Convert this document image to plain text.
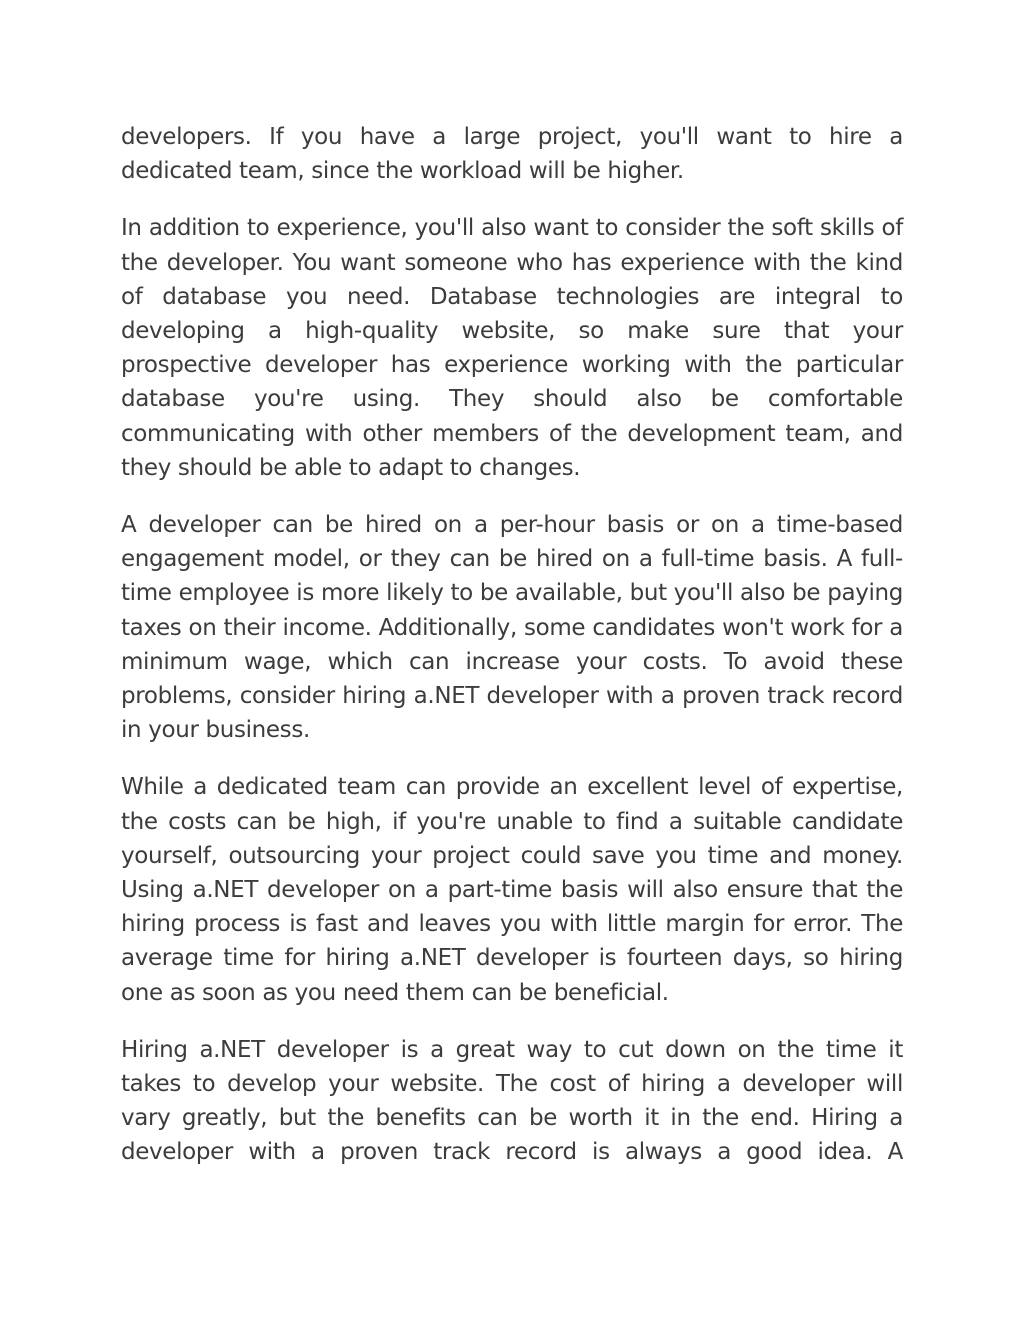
developers. If you have a large project, you'll want to hire a dedicated team, since the workload will be higher.

In addition to experience, you'll also want to consider the soft skills of the developer. You want someone who has experience with the kind of database you need. Database technologies are integral to developing a high-quality website, so make sure that your prospective developer has experience working with the particular database you're using. They should also be comfortable communicating with other members of the development team, and they should be able to adapt to changes.

A developer can be hired on a per-hour basis or on a time-based engagement model, or they can be hired on a full-time basis. A full-time employee is more likely to be available, but you'll also be paying taxes on their income. Additionally, some candidates won't work for a minimum wage, which can increase your costs. To avoid these problems, consider hiring a.NET developer with a proven track record in your business.

While a dedicated team can provide an excellent level of expertise, the costs can be high, if you're unable to find a suitable candidate yourself, outsourcing your project could save you time and money. Using a.NET developer on a part-time basis will also ensure that the hiring process is fast and leaves you with little margin for error. The average time for hiring a.NET developer is fourteen days, so hiring one as soon as you need them can be beneficial.

Hiring a.NET developer is a great way to cut down on the time it takes to develop your website. The cost of hiring a developer will vary greatly, but the benefits can be worth it in the end. Hiring a developer with a proven track record is always a good idea. A
